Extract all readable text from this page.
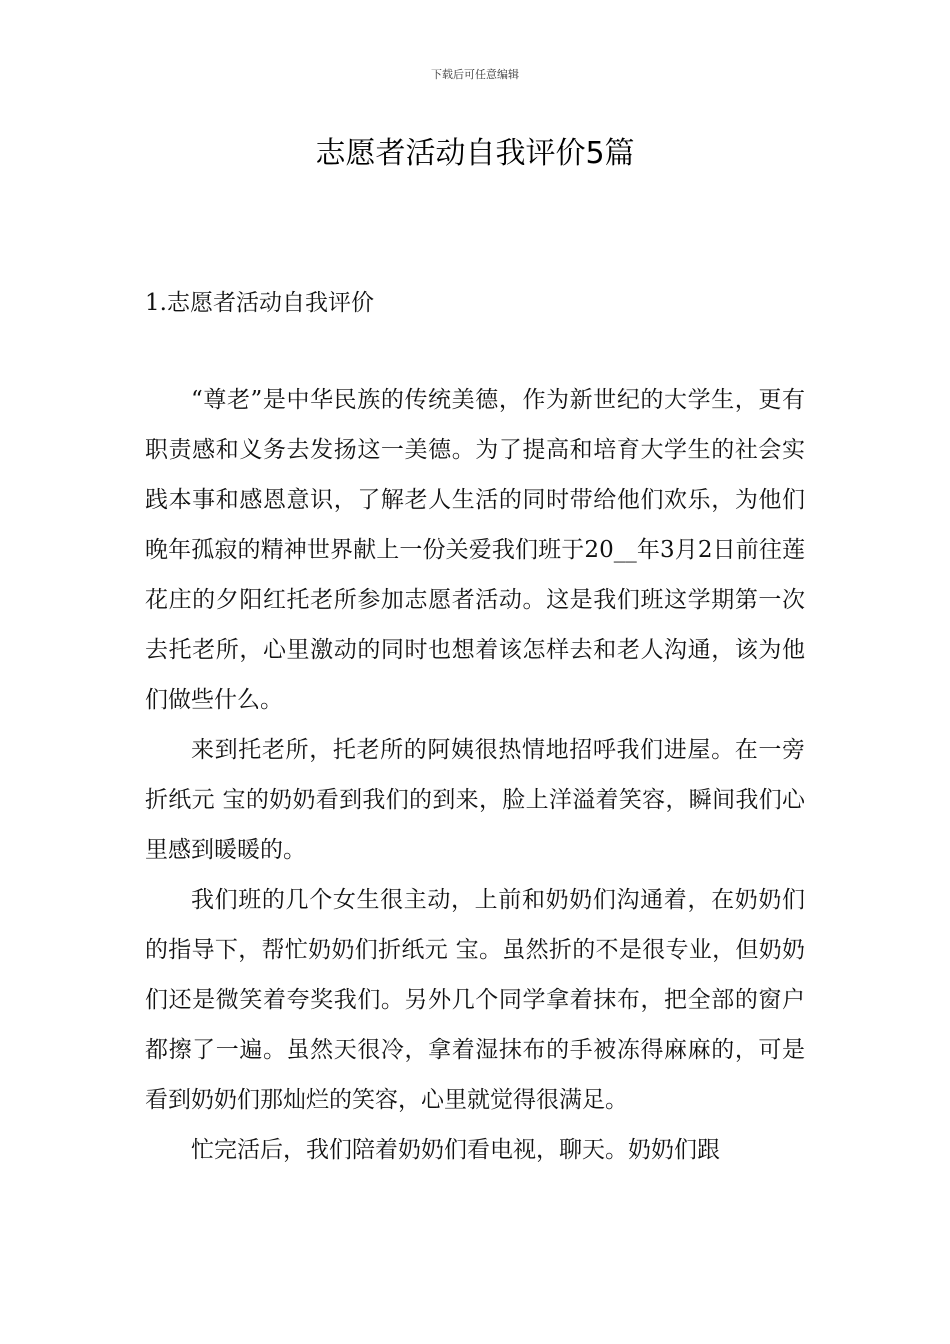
下载后可任意编辑
志愿者活动自我评价5篇
1.志愿者活动自我评价

“尊老”是中华民族的传统美德，作为新世纪的大学生，更有职责感和义务去发扬这一美德。为了提高和培育大学生的社会实践本事和感恩意识，了解老人生活的同时带给他们欢乐，为他们晚年孤寂的精神世界献上一份关爱我们班于20__年3月2日前往莲花庄的夕阳红托老所参加志愿者活动。这是我们班这学期第一次去托老所，心里激动的同时也想着该怎样去和老人沟通，该为他们做些什么。

来到托老所，托老所的阿姨很热情地招呼我们进屋。在一旁折纸元 宝的奶奶看到我们的到来，脸上洋溢着笑容，瞬间我们心里感到暖暖的。

我们班的几个女生很主动，上前和奶奶们沟通着，在奶奶们的指导下，帮忙奶奶们折纸元 宝。虽然折的不是很专业，但奶奶们还是微笑着夸奖我们。另外几个同学拿着抹布，把全部的窗户都擦了一遍。虽然天很冷，拿着湿抹布的手被冻得麻麻的，可是看到奶奶们那灿烂的笑容，心里就觉得很满足。

忙完活后，我们陪着奶奶们看电视，聊天。奶奶们跟
